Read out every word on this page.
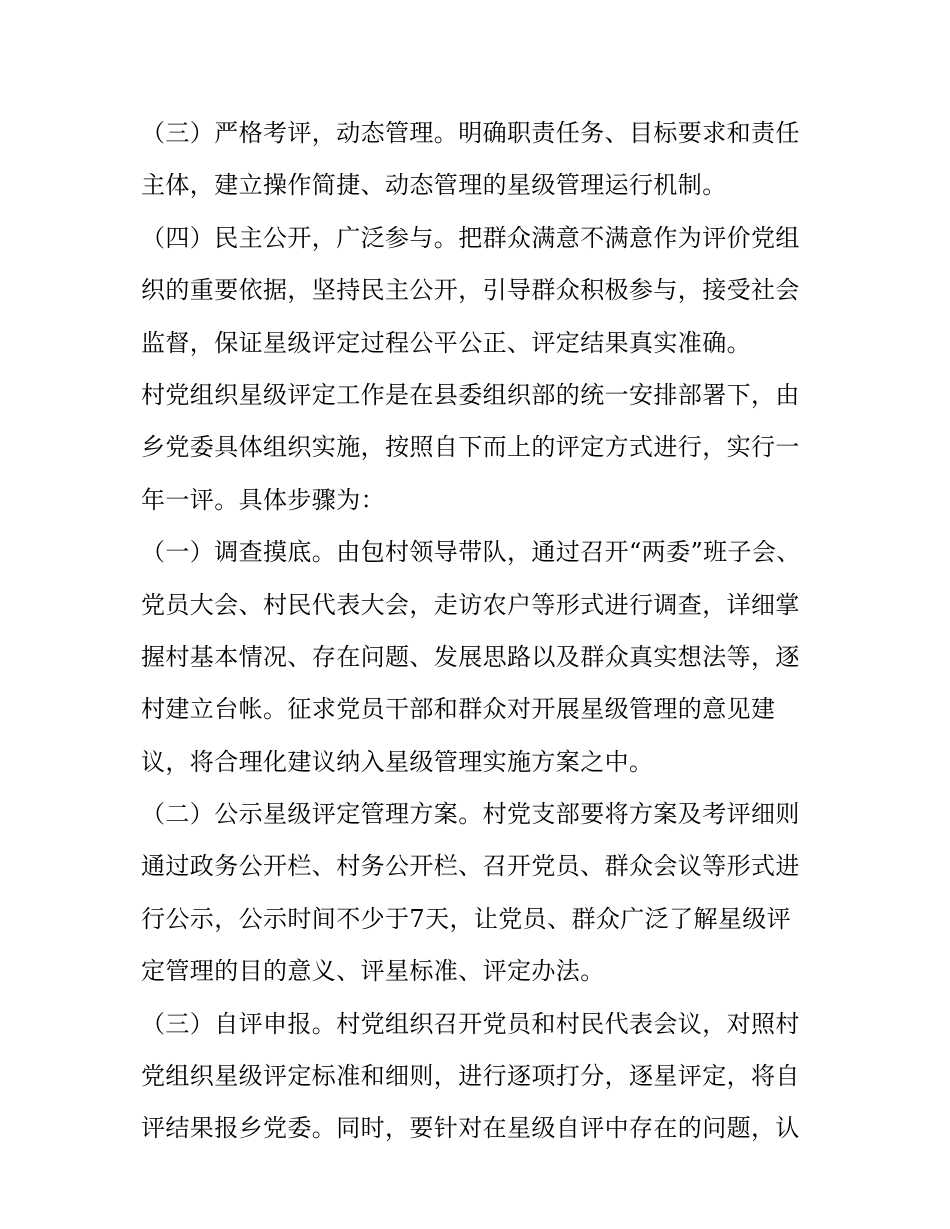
（三）严格考评，动态管理。明确职责任务、目标要求和责任
主体，建立操作简捷、动态管理的星级管理运行机制。
（四）民主公开，广泛参与。把群众满意不满意作为评价党组
织的重要依据，坚持民主公开，引导群众积极参与，接受社会
监督，保证星级评定过程公平公正、评定结果真实准确。
村党组织星级评定工作是在县委组织部的统一安排部署下，由
乡党委具体组织实施，按照自下而上的评定方式进行，实行一
年一评。具体步骤为：
（一）调查摸底。由包村领导带队，通过召开“两委”班子会、
党员大会、村民代表大会，走访农户等形式进行调查，详细掌
握村基本情况、存在问题、发展思路以及群众真实想法等，逐
村建立台帐。征求党员干部和群众对开展星级管理的意见建
议，将合理化建议纳入星级管理实施方案之中。
（二）公示星级评定管理方案。村党支部要将方案及考评细则
通过政务公开栏、村务公开栏、召开党员、群众会议等形式进
行公示，公示时间不少于7天，让党员、群众广泛了解星级评
定管理的目的意义、评星标准、评定办法。
（三）自评申报。村党组织召开党员和村民代表会议，对照村
党组织星级评定标准和细则，进行逐项打分，逐星评定，将自
评结果报乡党委。同时，要针对在星级自评中存在的问题，认
